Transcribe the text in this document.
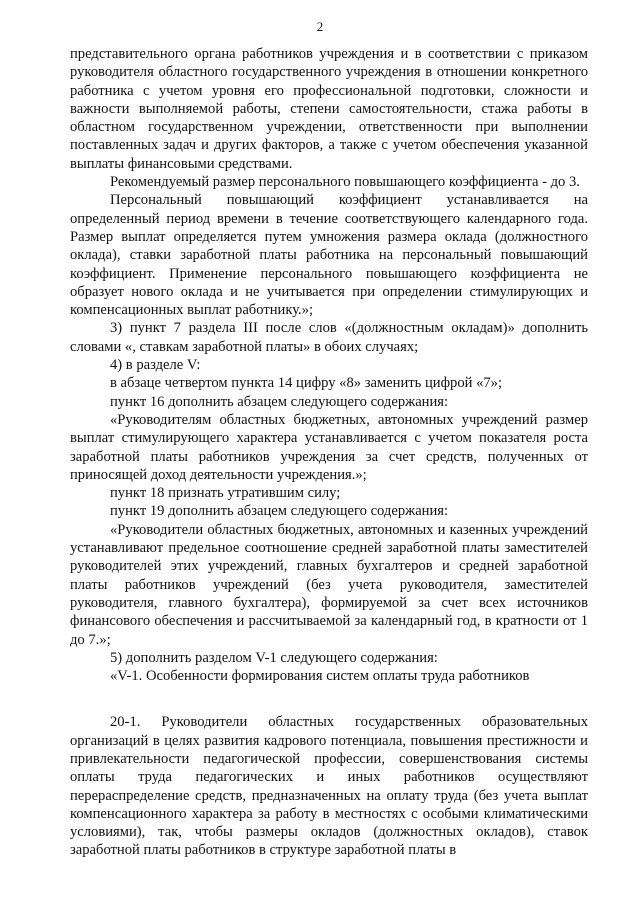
2

представительного органа работников учреждения и в соответствии с приказом руководителя областного государственного учреждения в отношении конкретного работника с учетом уровня его профессиональной подготовки, сложности и важности выполняемой работы, степени самостоятельности, стажа работы в областном государственном учреждении, ответственности при выполнении поставленных задач и других факторов, а также с учетом обеспечения указанной выплаты финансовыми средствами.

Рекомендуемый размер персонального повышающего коэффициента - до 3.

Персональный повышающий коэффициент устанавливается на определенный период времени в течение соответствующего календарного года. Размер выплат определяется путем умножения размера оклада (должностного оклада), ставки заработной платы работника на персональный повышающий коэффициент. Применение персонального повышающего коэффициента не образует нового оклада и не учитывается при определении стимулирующих и компенсационных выплат работнику.»;

3) пункт 7 раздела III после слов «(должностным окладам)» дополнить словами «, ставкам заработной платы» в обоих случаях;

4) в разделе V:

в абзаце четвертом пункта 14 цифру «8» заменить цифрой «7»;

пункт 16 дополнить абзацем следующего содержания:

«Руководителям областных бюджетных, автономных учреждений размер выплат стимулирующего характера устанавливается с учетом показателя роста заработной платы работников учреждения за счет средств, полученных от приносящей доход деятельности учреждения.»;

пункт 18 признать утратившим силу;

пункт 19 дополнить абзацем следующего содержания:

«Руководители областных бюджетных, автономных и казенных учреждений устанавливают предельное соотношение средней заработной платы заместителей руководителей этих учреждений, главных бухгалтеров и средней заработной платы работников учреждений (без учета руководителя, заместителей руководителя, главного бухгалтера), формируемой за счет всех источников финансового обеспечения и рассчитываемой за календарный год, в кратности от 1 до 7.»;

5) дополнить разделом V-1 следующего содержания:

«V-1. Особенности формирования систем оплаты труда работников

20-1. Руководители областных государственных образовательных организаций в целях развития кадрового потенциала, повышения престижности и привлекательности педагогической профессии, совершенствования системы оплаты труда педагогических и иных работников осуществляют перераспределение средств, предназначенных на оплату труда (без учета выплат компенсационного характера за работу в местностях с особыми климатическими условиями), так, чтобы размеры окладов (должностных окладов), ставок заработной платы работников в структуре заработной платы в
